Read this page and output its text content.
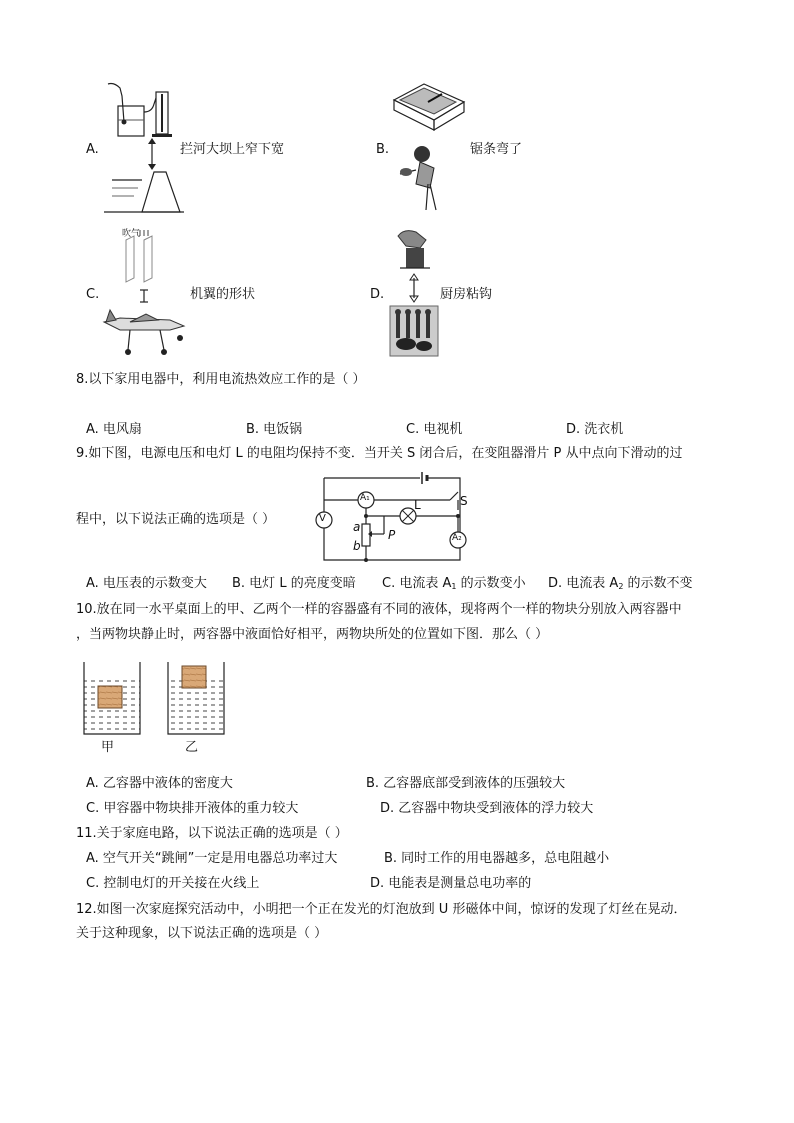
A.	拦河大坝上窄下宽	B.	锯条弯了
C.
吹气
机翼的形状	D.	厨房粘钩
8.以下家用电器中，利用电流热效应工作的是（ ）
A. 电风扇	B. 电饭锅	C. 电视机	D. 洗衣机
9.如下图，电源电压和电灯 L 的电阻均保持不变．当开关 S 闭合后，在变阻器滑片 P 从中点向下滑动的过
程中，以下说法正确的选项是（ ）	V
A₁
A₂
L	S
a
b
P
A. 电压表的示数变大 B. 电灯 L 的亮度变暗 C. 电流表 $A_1$ 的示数变小 D. 电流表 $A_2$ 的示数不变
10.放在同一水平桌面上的甲、乙两个一样的容器盛有不同的液体，现将两个一样的物块分别放入两容器中
，当两物块静止时，两容器中液面恰好相平，两物块所处的位置如下图．那么（ ）
甲	乙
A. 乙容器中液体的密度大	B. 乙容器底部受到液体的压强较大
C. 甲容器中物块排开液体的重力较大	D. 乙容器中物块受到液体的浮力较大
11.关于家庭电路，以下说法正确的选项是（ ）
A. 空气开关“跳闸”一定是用电器总功率过大	B. 同时工作的用电器越多，总电阻越小
C. 控制电灯的开关接在火线上	D. 电能表是测量总电功率的
12.如图一次家庭探究活动中，小明把一个正在发光的灯泡放到 U 形磁体中间，惊讶的发现了灯丝在晃动．
关于这种现象，以下说法正确的选项是（ ）
